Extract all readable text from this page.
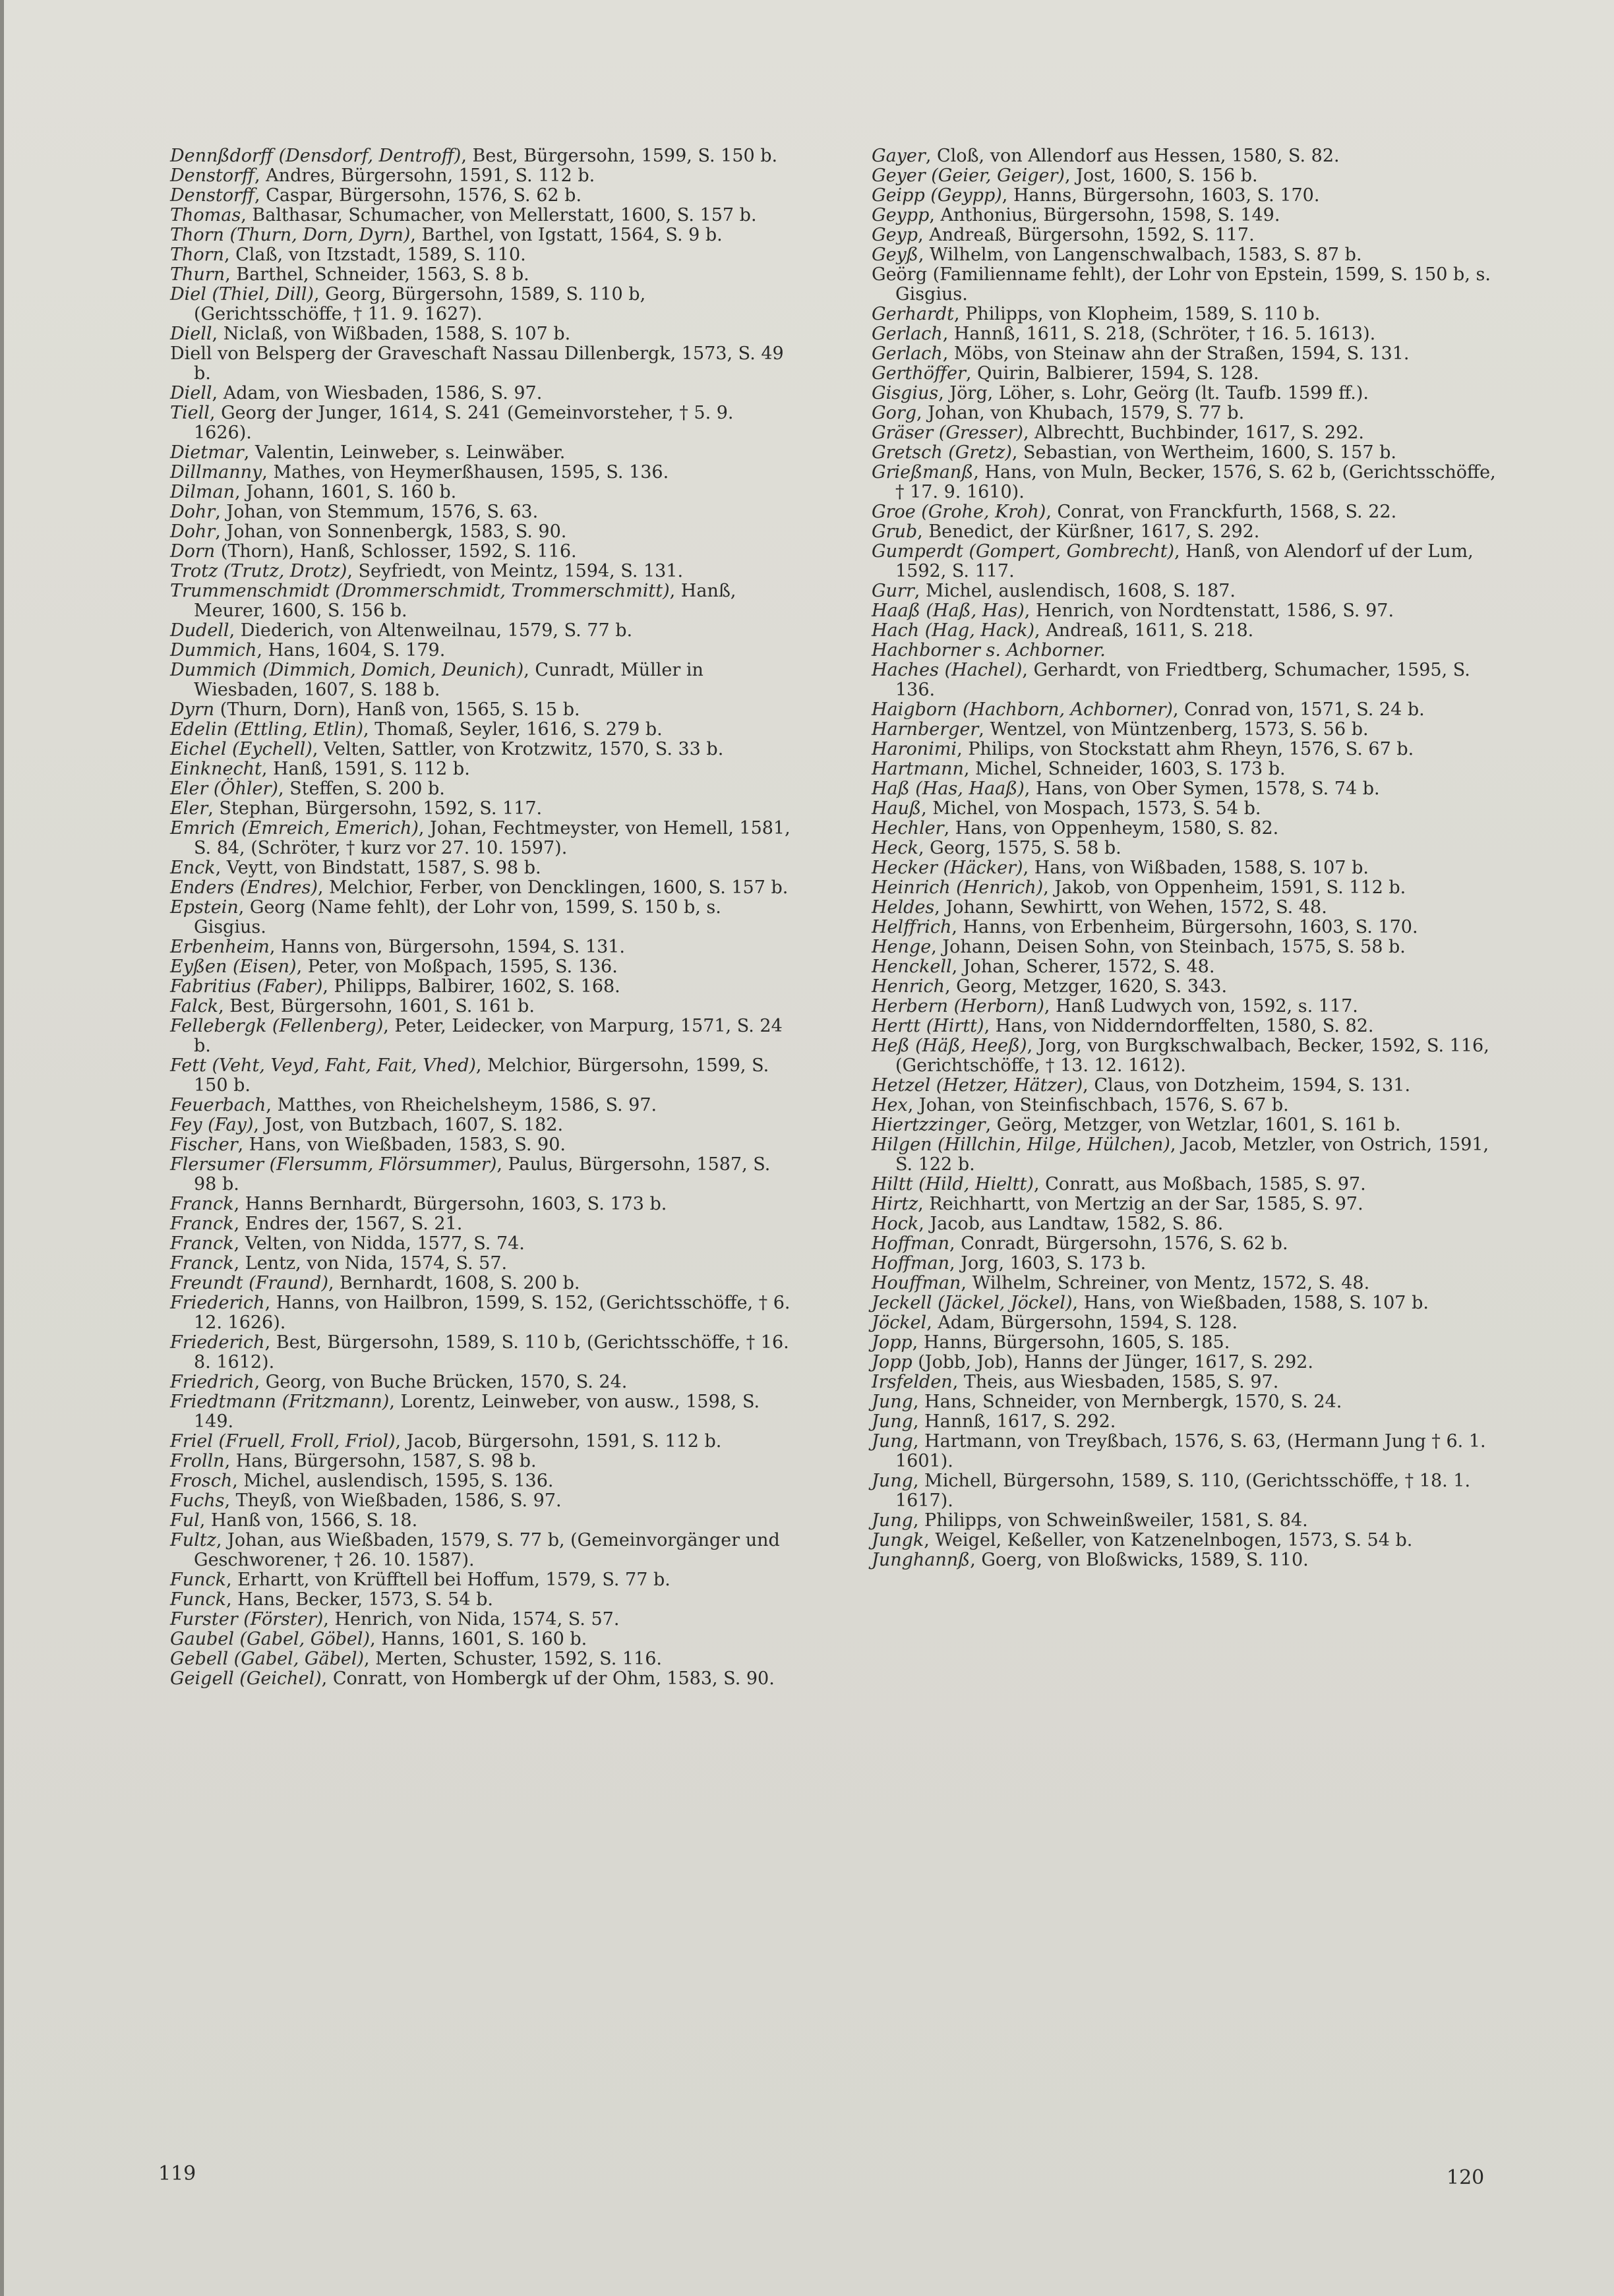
Dennßdorff (Densdorf, Dentroff), Best, Bürgersohn, 1599, S. 150 b.

Denstorff, Andres, Bürgersohn, 1591, S. 112 b.

Denstorff, Caspar, Bürgersohn, 1576, S. 62 b.

Thomas, Balthasar, Schumacher, von Mellerstatt, 1600, S. 157 b.

Thorn (Thurn, Dorn, Dyrn), Barthel, von Igstatt, 1564, S. 9 b.

Thorn, Claß, von Itzstadt, 1589, S. 110.

Thurn, Barthel, Schneider, 1563, S. 8 b.

Diel (Thiel, Dill), Georg, Bürgersohn, 1589, S. 110 b, (Gerichtsschöffe, † 11. 9. 1627).

Diell, Niclaß, von Wißbaden, 1588, S. 107 b.

Diell von Belsperg der Graveschaft Nassau Dillenbergk, 1573, S. 49 b.

Diell, Adam, von Wiesbaden, 1586, S. 97.

Tiell, Georg der Junger, 1614, S. 241 (Gemeinvorsteher, † 5. 9. 1626).

Dietmar, Valentin, Leinweber, s. Leinwäber.

Dillmanny, Mathes, von Heymerßhausen, 1595, S. 136.

Dilman, Johann, 1601, S. 160 b.

Dohr, Johan, von Stemmum, 1576, S. 63.

Dohr, Johan, von Sonnenbergk, 1583, S. 90.

Dorn (Thorn), Hanß, Schlosser, 1592, S. 116.

Trotz (Trutz, Drotz), Seyfriedt, von Meintz, 1594, S. 131.

Trummenschmidt (Drommerschmidt, Trommerschmitt), Hanß, Meurer, 1600, S. 156 b.

Dudell, Diederich, von Altenweilnau, 1579, S. 77 b.

Dummich, Hans, 1604, S. 179.

Dummich (Dimmich, Domich, Deunich), Cunradt, Müller in Wiesbaden, 1607, S. 188 b.

Dyrn (Thurn, Dorn), Hanß von, 1565, S. 15 b.

Edelin (Ettling, Etlin), Thomaß, Seyler, 1616, S. 279 b.

Eichel (Eychell), Velten, Sattler, von Krotzwitz, 1570, S. 33 b.

Einknecht, Hanß, 1591, S. 112 b.

Eler (Öhler), Steffen, S. 200 b.

Eler, Stephan, Bürgersohn, 1592, S. 117.

Emrich (Emreich, Emerich), Johan, Fechtmeyster, von Hemell, 1581, S. 84, (Schröter, † kurz vor 27. 10. 1597).

Enck, Veytt, von Bindstatt, 1587, S. 98 b.

Enders (Endres), Melchior, Ferber, von Dencklingen, 1600, S. 157 b.

Epstein, Georg (Name fehlt), der Lohr von, 1599, S. 150 b, s. Gisgius.

Erbenheim, Hanns von, Bürgersohn, 1594, S. 131.

Eyßen (Eisen), Peter, von Moßpach, 1595, S. 136.

Fabritius (Faber), Philipps, Balbirer, 1602, S. 168.

Falck, Best, Bürgersohn, 1601, S. 161 b.

Fellebergk (Fellenberg), Peter, Leidecker, von Marpurg, 1571, S. 24 b.

Fett (Veht, Veyd, Faht, Fait, Vhed), Melchior, Bürgersohn, 1599, S. 150 b.

Feuerbach, Matthes, von Rheichelsheym, 1586, S. 97.

Fey (Fay), Jost, von Butzbach, 1607, S. 182.

Fischer, Hans, von Wießbaden, 1583, S. 90.

Flersumer (Flersumm, Flörsummer), Paulus, Bürgersohn, 1587, S. 98 b.

Franck, Hanns Bernhardt, Bürgersohn, 1603, S. 173 b.

Franck, Endres der, 1567, S. 21.

Franck, Velten, von Nidda, 1577, S. 74.

Franck, Lentz, von Nida, 1574, S. 57.

Freundt (Fraund), Bernhardt, 1608, S. 200 b.

Friederich, Hanns, von Hailbron, 1599, S. 152, (Gerichtsschöffe, † 6. 12. 1626).

Friederich, Best, Bürgersohn, 1589, S. 110 b, (Gerichtsschöffe, † 16. 8. 1612).

Friedrich, Georg, von Buche Brücken, 1570, S. 24.

Friedtmann (Fritzmann), Lorentz, Leinweber, von ausw., 1598, S. 149.

Friel (Fruell, Froll, Friol), Jacob, Bürgersohn, 1591, S. 112 b.

Frolln, Hans, Bürgersohn, 1587, S. 98 b.

Frosch, Michel, auslendisch, 1595, S. 136.

Fuchs, Theyß, von Wießbaden, 1586, S. 97.

Ful, Hanß von, 1566, S. 18.

Fultz, Johan, aus Wießbaden, 1579, S. 77 b, (Gemeinvorgänger und Geschworener, † 26. 10. 1587).

Funck, Erhartt, von Krüfftell bei Hoffum, 1579, S. 77 b.

Funck, Hans, Becker, 1573, S. 54 b.

Furster (Förster), Henrich, von Nida, 1574, S. 57.

Gaubel (Gabel, Göbel), Hanns, 1601, S. 160 b.

Gebell (Gabel, Gäbel), Merten, Schuster, 1592, S. 116.

Geigell (Geichel), Conratt, von Hombergk uf der Ohm, 1583, S. 90.

Gayer, Cloß, von Allendorf aus Hessen, 1580, S. 82.

Geyer (Geier, Geiger), Jost, 1600, S. 156 b.

Geipp (Geypp), Hanns, Bürgersohn, 1603, S. 170.

Geypp, Anthonius, Bürgersohn, 1598, S. 149.

Geyp, Andreaß, Bürgersohn, 1592, S. 117.

Geyß, Wilhelm, von Langenschwalbach, 1583, S. 87 b.

Geörg (Familienname fehlt), der Lohr von Epstein, 1599, S. 150 b, s. Gisgius.

Gerhardt, Philipps, von Klopheim, 1589, S. 110 b.

Gerlach, Hannß, 1611, S. 218, (Schröter, † 16. 5. 1613).

Gerlach, Möbs, von Steinaw ahn der Straßen, 1594, S. 131.

Gerthöffer, Quirin, Balbierer, 1594, S. 128.

Gisgius, Jörg, Löher, s. Lohr, Geörg (lt. Taufb. 1599 ff.).

Gorg, Johan, von Khubach, 1579, S. 77 b.

Gräser (Gresser), Albrechtt, Buchbinder, 1617, S. 292.

Gretsch (Gretz), Sebastian, von Wertheim, 1600, S. 157 b.

Grießmanß, Hans, von Muln, Becker, 1576, S. 62 b, (Gerichtsschöffe, † 17. 9. 1610).

Groe (Grohe, Kroh), Conrat, von Franckfurth, 1568, S. 22.

Grub, Benedict, der Kürßner, 1617, S. 292.

Gumperdt (Gompert, Gombrecht), Hanß, von Alendorf uf der Lum, 1592, S. 117.

Gurr, Michel, auslendisch, 1608, S. 187.

Haaß (Haß, Has), Henrich, von Nordtenstatt, 1586, S. 97.

Hach (Hag, Hack), Andreaß, 1611, S. 218.

Hachborner s. Achborner.

Haches (Hachel), Gerhardt, von Friedtberg, Schumacher, 1595, S. 136.

Haigborn (Hachborn, Achborner), Conrad von, 1571, S. 24 b.

Harnberger, Wentzel, von Müntzenberg, 1573, S. 56 b.

Haronimi, Philips, von Stockstatt ahm Rheyn, 1576, S. 67 b.

Hartmann, Michel, Schneider, 1603, S. 173 b.

Haß (Has, Haaß), Hans, von Ober Symen, 1578, S. 74 b.

Hauß, Michel, von Mospach, 1573, S. 54 b.

Hechler, Hans, von Oppenheym, 1580, S. 82.

Heck, Georg, 1575, S. 58 b.

Hecker (Häcker), Hans, von Wißbaden, 1588, S. 107 b.

Heinrich (Henrich), Jakob, von Oppenheim, 1591, S. 112 b.

Heldes, Johann, Sewhirtt, von Wehen, 1572, S. 48.

Helffrich, Hanns, von Erbenheim, Bürgersohn, 1603, S. 170.

Henge, Johann, Deisen Sohn, von Steinbach, 1575, S. 58 b.

Henckell, Johan, Scherer, 1572, S. 48.

Henrich, Georg, Metzger, 1620, S. 343.

Herbern (Herborn), Hanß Ludwych von, 1592, s. 117.

Hertt (Hirtt), Hans, von Nidderndorffelten, 1580, S. 82.

Heß (Häß, Heeß), Jorg, von Burgkschwalbach, Becker, 1592, S. 116, (Gerichtschöffe, † 13. 12. 1612).

Hetzel (Hetzer, Hätzer), Claus, von Dotzheim, 1594, S. 131.

Hex, Johan, von Steinfischbach, 1576, S. 67 b.

Hiertzzinger, Geörg, Metzger, von Wetzlar, 1601, S. 161 b.

Hilgen (Hillchin, Hilge, Hülchen), Jacob, Metzler, von Ostrich, 1591, S. 122 b.

Hiltt (Hild, Hieltt), Conratt, aus Moßbach, 1585, S. 97.

Hirtz, Reichhartt, von Mertzig an der Sar, 1585, S. 97.

Hock, Jacob, aus Landtaw, 1582, S. 86.

Hoffman, Conradt, Bürgersohn, 1576, S. 62 b.

Hoffman, Jorg, 1603, S. 173 b.

Houffman, Wilhelm, Schreiner, von Mentz, 1572, S. 48.

Jeckell (Jäckel, Jöckel), Hans, von Wießbaden, 1588, S. 107 b.

Jöckel, Adam, Bürgersohn, 1594, S. 128.

Jopp, Hanns, Bürgersohn, 1605, S. 185.

Jopp (Jobb, Job), Hanns der Jünger, 1617, S. 292.

Irsfelden, Theis, aus Wiesbaden, 1585, S. 97.

Jung, Hans, Schneider, von Mernbergk, 1570, S. 24.

Jung, Hannß, 1617, S. 292.

Jung, Hartmann, von Treyßbach, 1576, S. 63, (Hermann Jung † 6. 1. 1601).

Jung, Michell, Bürgersohn, 1589, S. 110, (Gerichtsschöffe, † 18. 1. 1617).

Jung, Philipps, von Schweinßweiler, 1581, S. 84.

Jungk, Weigel, Keßeller, von Katzenelnbogen, 1573, S. 54 b.

Junghannß, Goerg, von Bloßwicks, 1589, S. 110.

119	120
